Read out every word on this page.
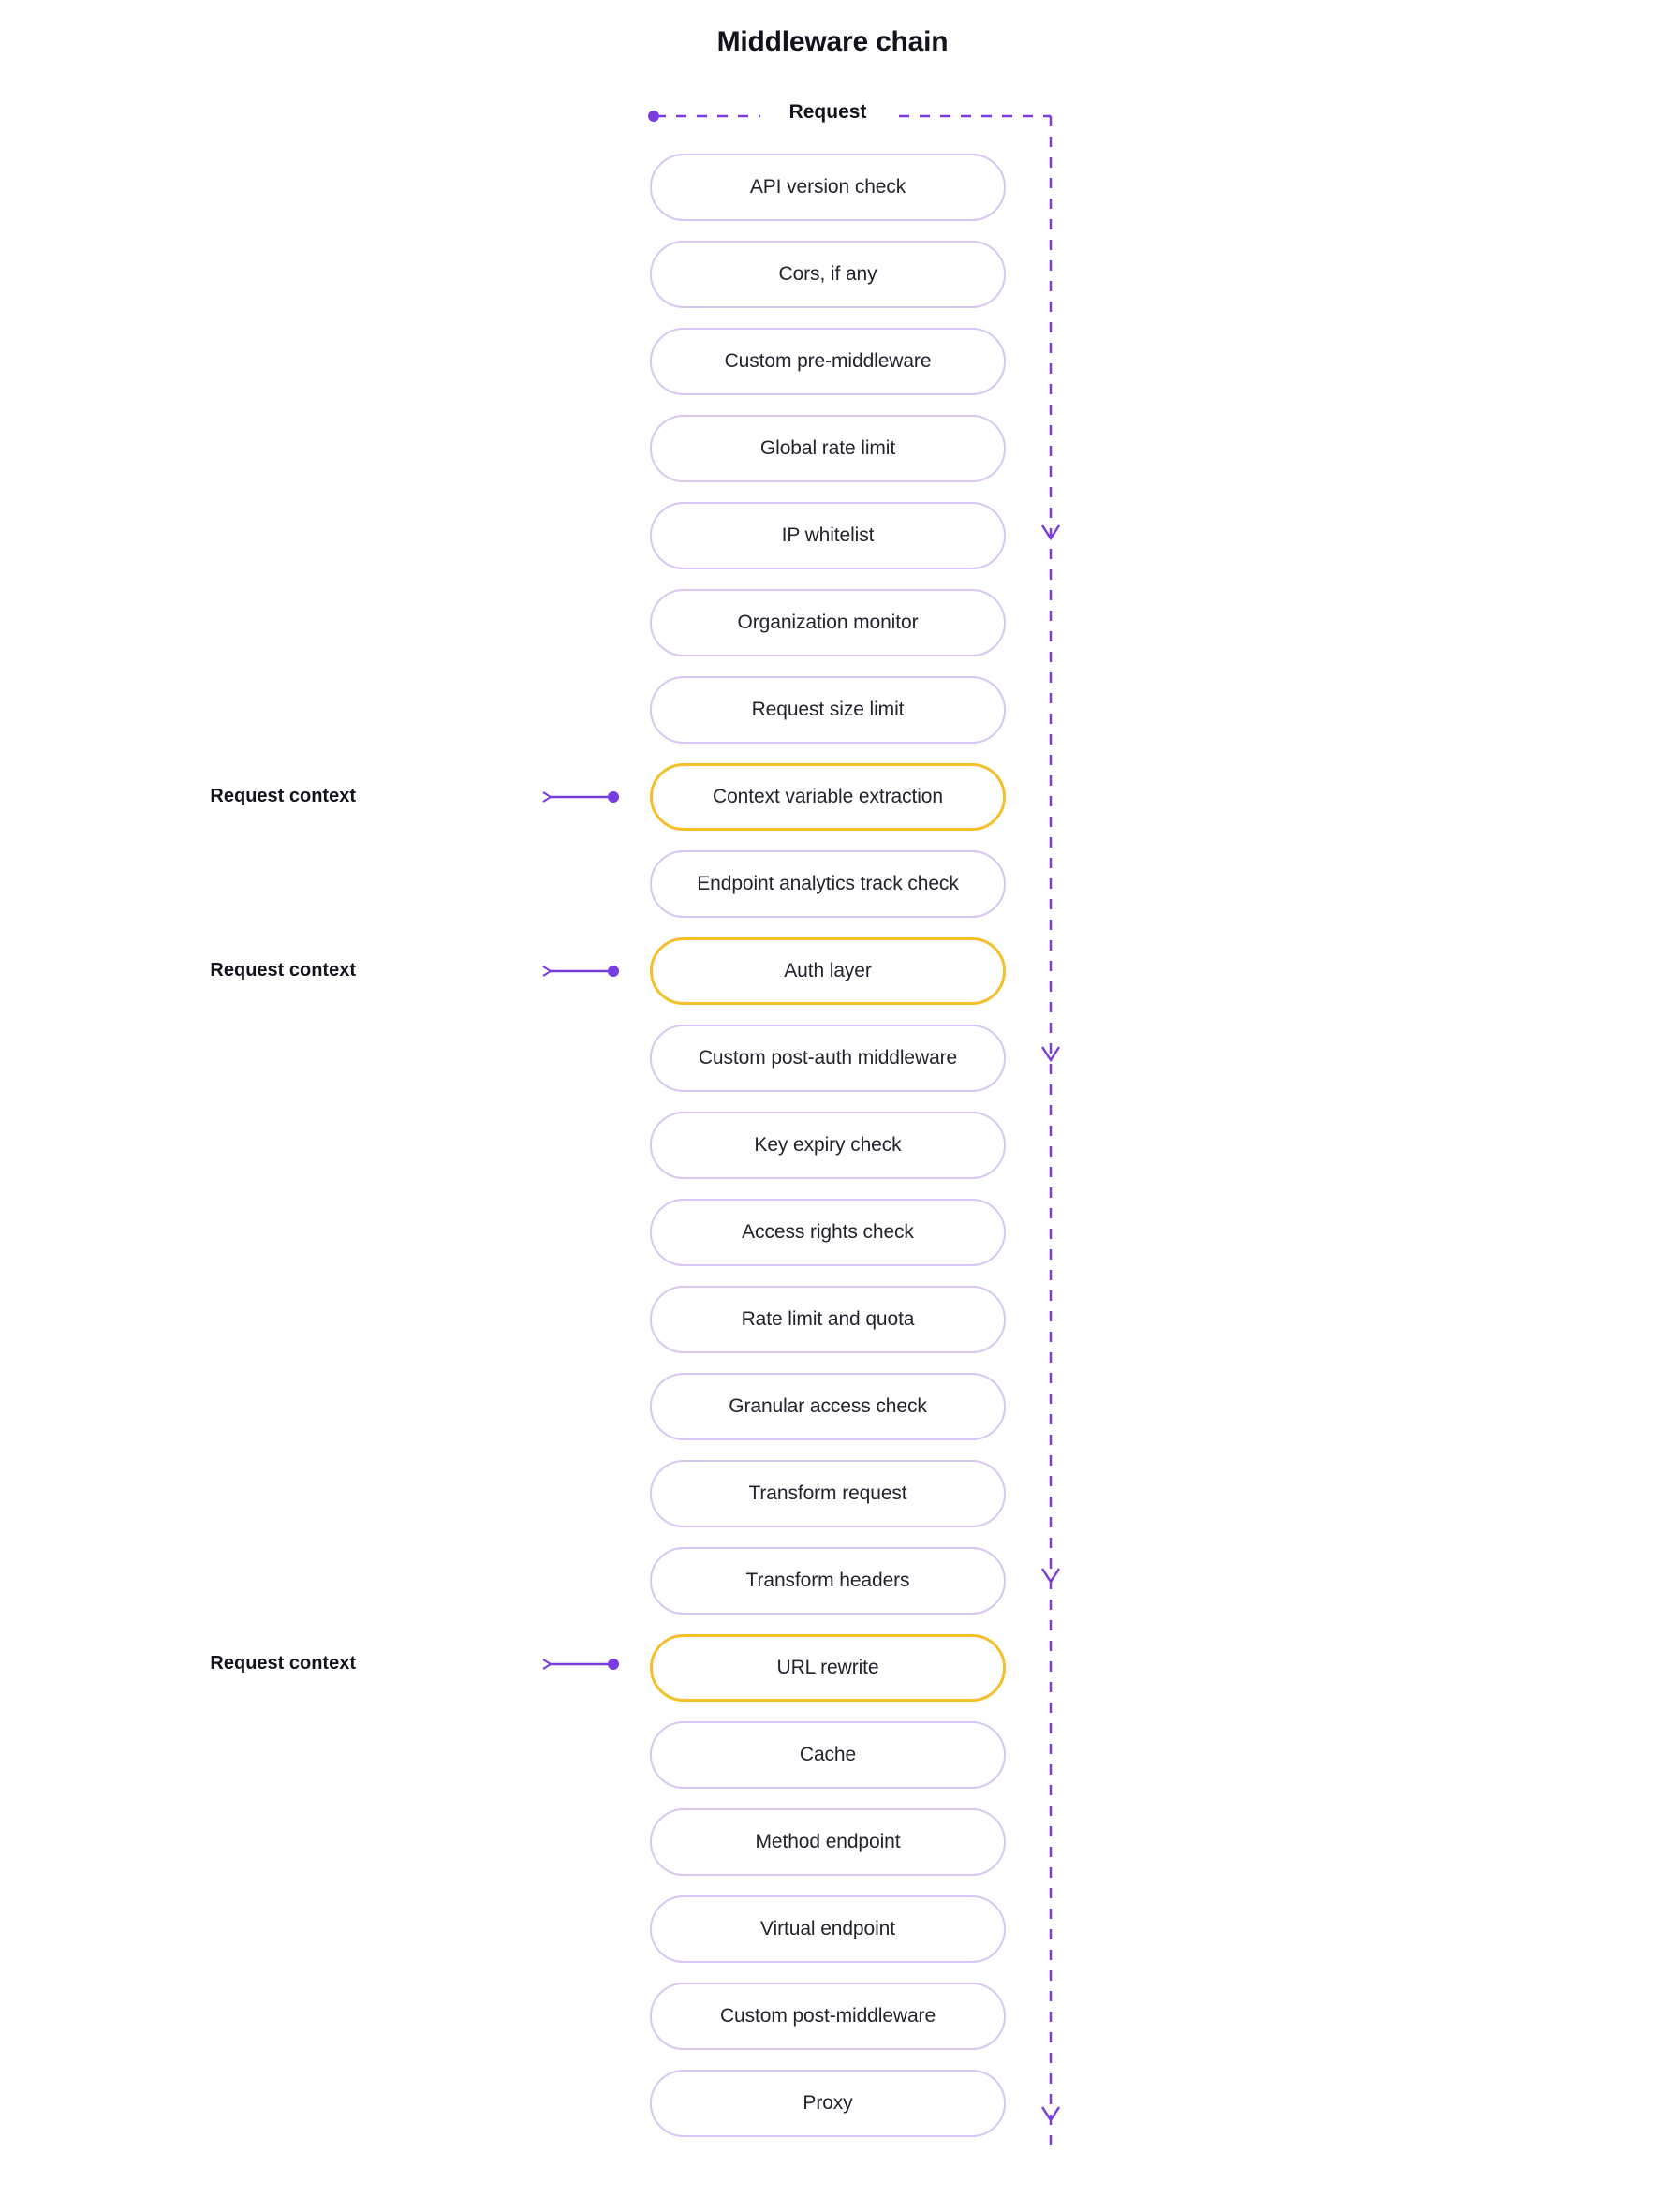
Middleware chain
Request
Request context
Request context
Request context
API version check
Cors, if any
Custom pre-middleware
Global rate limit
IP whitelist
Organization monitor
Request size limit
Context variable extraction
Endpoint analytics track check
Auth layer
Custom post-auth middleware
Key expiry check
Access rights check
Rate limit and quota
Granular access check
Transform request
Transform headers
URL rewrite
Cache
Method endpoint
Virtual endpoint
Custom post-middleware
Proxy
